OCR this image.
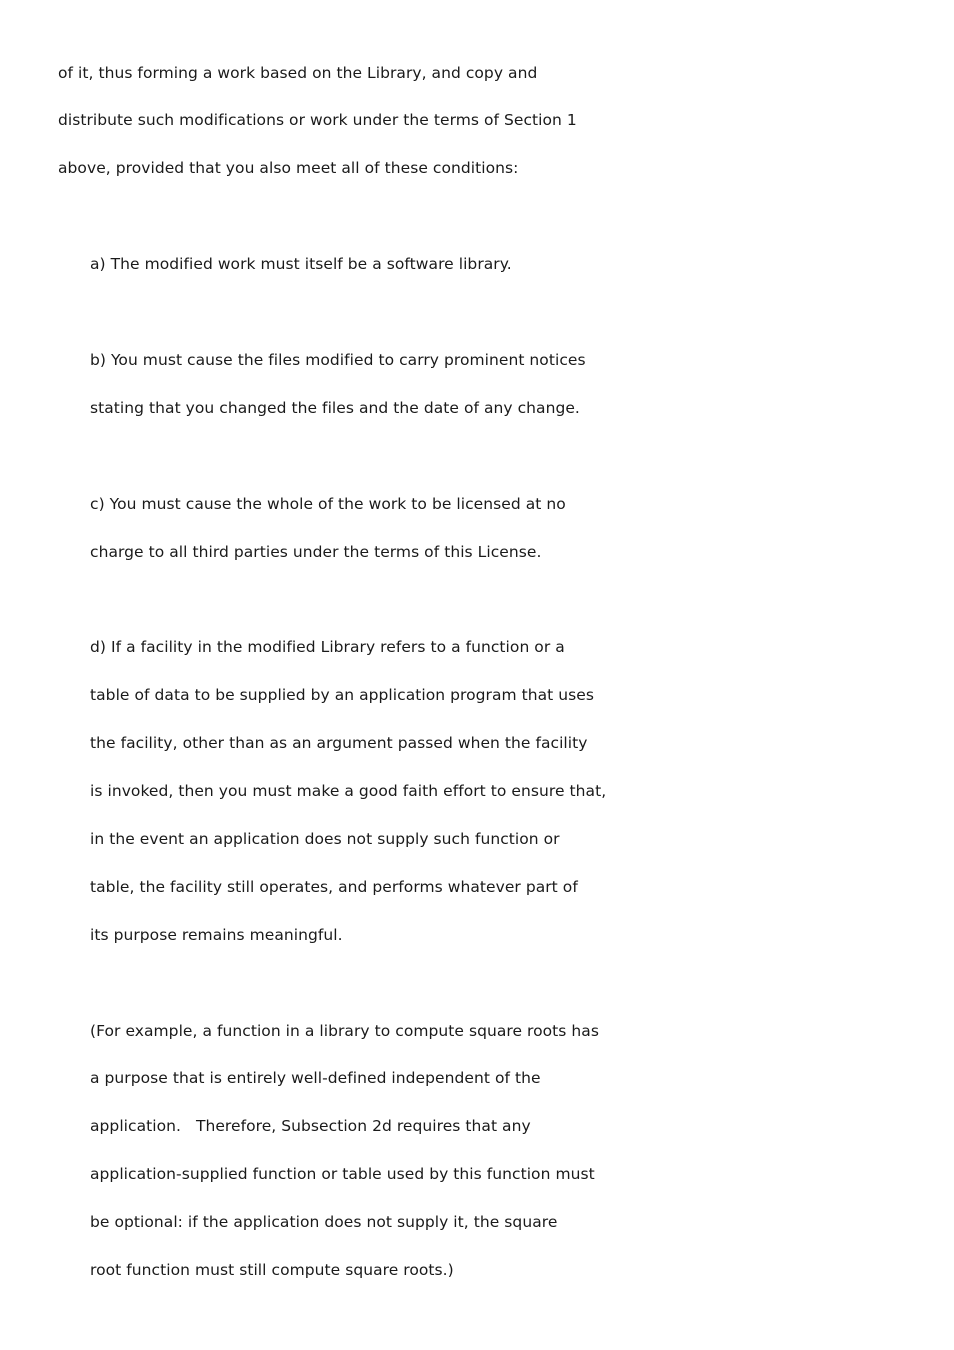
of it, thus forming a work based on the Library, and copy and
distribute such modifications or work under the terms of Section 1
above, provided that you also meet all of these conditions:
a) The modified work must itself be a software library.
b) You must cause the files modified to carry prominent notices
stating that you changed the files and the date of any change.
c) You must cause the whole of the work to be licensed at no
charge to all third parties under the terms of this License.
d) If a facility in the modified Library refers to a function or a
table of data to be supplied by an application program that uses
the facility, other than as an argument passed when the facility
is invoked, then you must make a good faith effort to ensure that,
in the event an application does not supply such function or
table, the facility still operates, and performs whatever part of
its purpose remains meaningful.
(For example, a function in a library to compute square roots has
a purpose that is entirely well-defined independent of the
application.   Therefore, Subsection 2d requires that any
application-supplied function or table used by this function must
be optional: if the application does not supply it, the square
root function must still compute square roots.)
